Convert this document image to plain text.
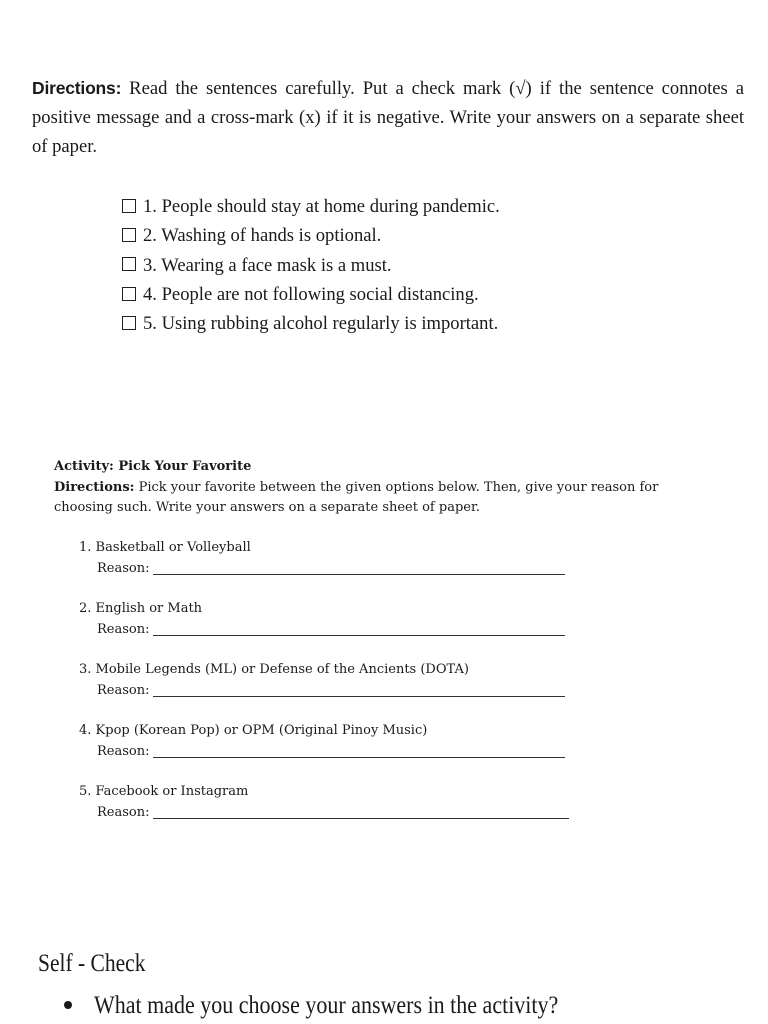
Directions: Read the sentences carefully. Put a check mark (√) if the sentence connotes a positive message and a cross-mark (x) if it is negative. Write your answers on a separate sheet of paper.
1. People should stay at home during pandemic.
2. Washing of hands is optional.
3. Wearing a face mask is a must.
4. People are not following social distancing.
5. Using rubbing alcohol regularly is important.
Activity: Pick Your Favorite
Directions: Pick your favorite between the given options below. Then, give your reason for choosing such. Write your answers on a separate sheet of paper.
1. Basketball or Volleyball
Reason:
2. English or Math
Reason:
3. Mobile Legends (ML) or Defense of the Ancients (DOTA)
Reason:
4. Kpop (Korean Pop) or OPM (Original Pinoy Music)
Reason:
5. Facebook or Instagram
Reason:
Self - Check
What made you choose your answers in the activity?
